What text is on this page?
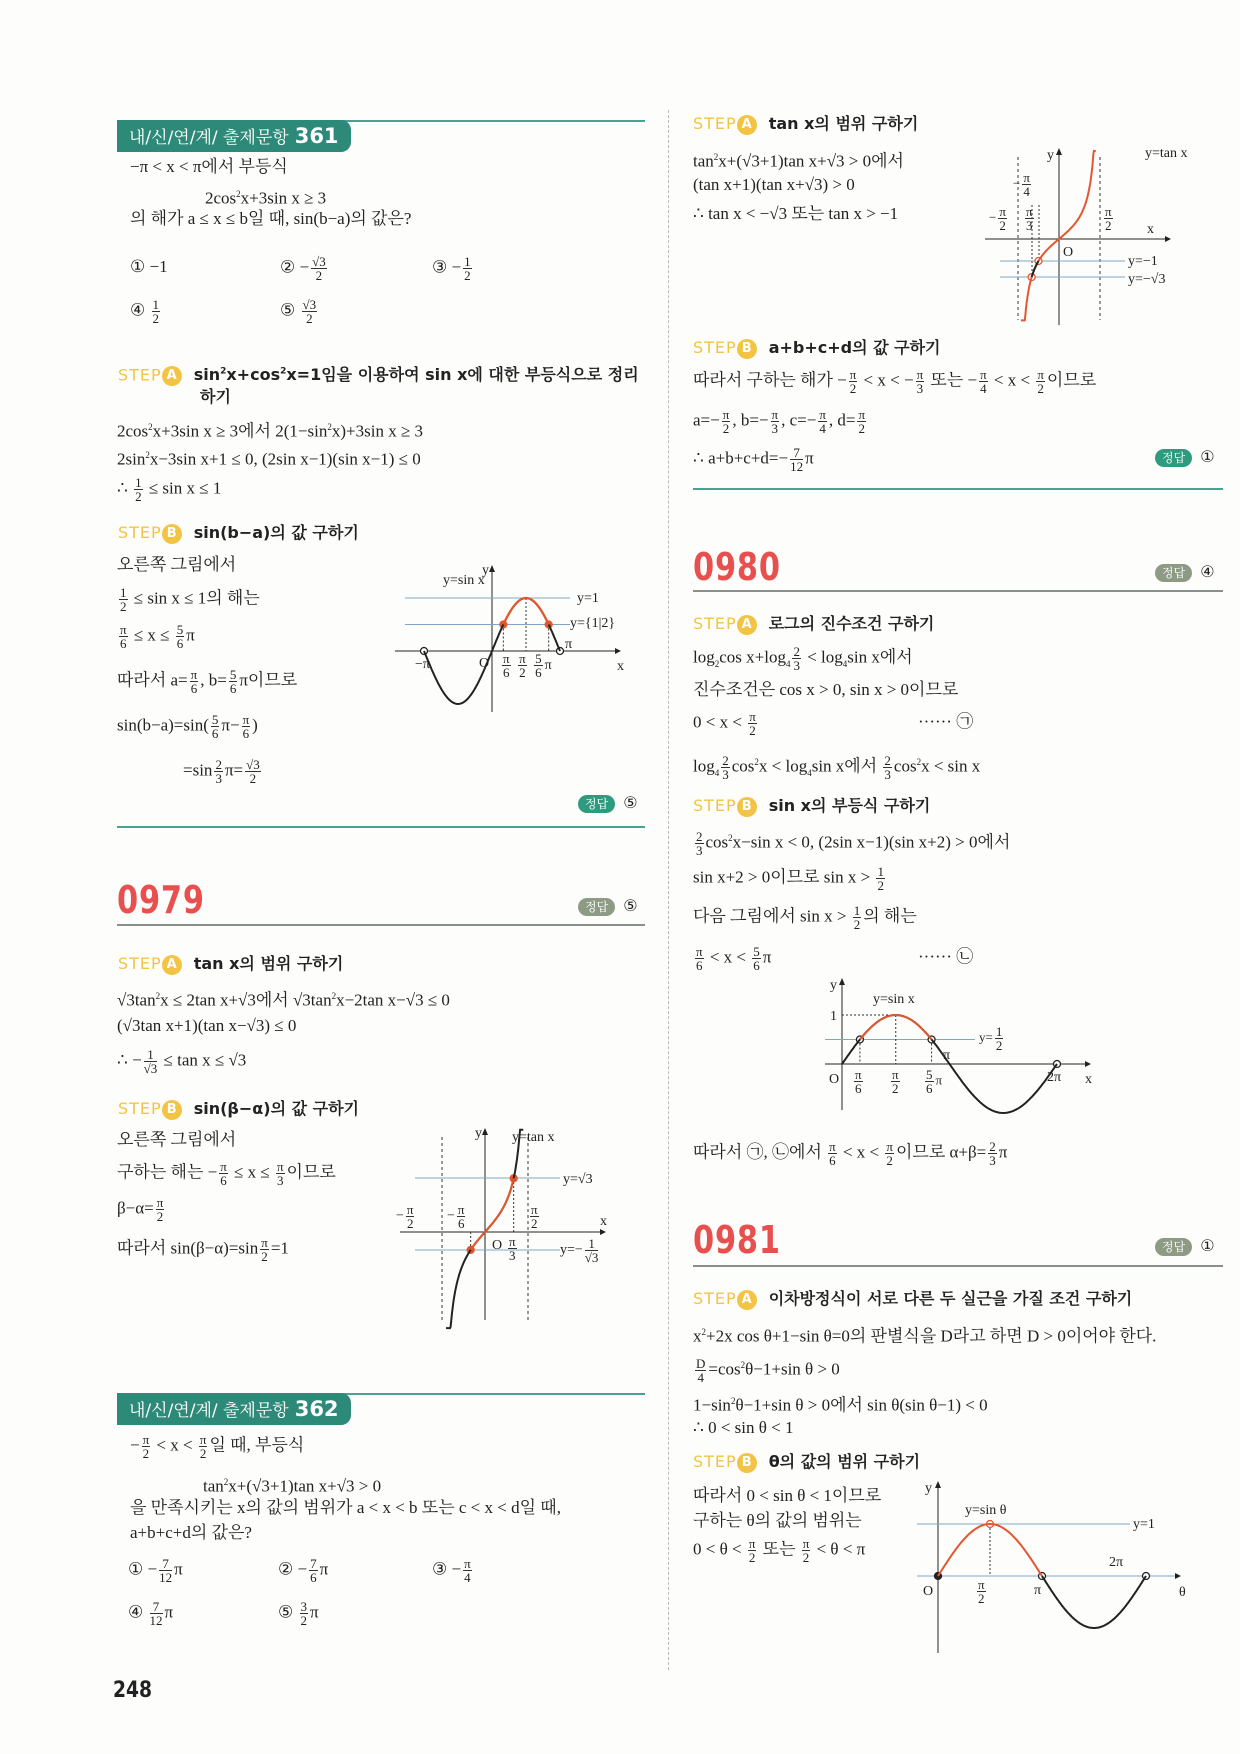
내/신/연/계/ 출제문항 361
−π < x < π에서 부등식
$2\cos^2x+3\sin$ x ≥ 3
의 해가 a ≤ x ≤ b일 때, sin(b−a)의 값은?
① −1	② − $\frac{√3}{2}$	③ − $\frac{1}{2}$
④ $\frac{1}{2}$	⑤ $\frac{√3}{2}$
STEP A $\sin^2x+\cos^2x=1$임을 이용하여 sin x에 대한 부등식으로 정리
하기
$2\cos^2x+3\sin$ x ≥ 3에서 $2(1-\sin^2x)+3\sin$ x ≥ 3
$2\sin^2x-3\sin$ x+1 ≤ 0, (2sin x−1)(sin x−1) ≤ 0
∴ $\frac{1}{2} \le \sin x \le 1$
STEP B sin(b−a)의 값 구하기
오른쪽 그림에서
$\frac{1}{2} \le \sin x \le 1$의 해는
$\frac{\pi}{6} \le x \le \frac{5}{6}$ π
따라서 $a= \frac{\pi}{6}$ , $b= \frac{5}{6}$ π이므로
$\sin(b-a)=\sin( \frac{5}{6} \pi- \frac{\pi}{6}$ )
$=\sin \frac{2}{3} \pi= \frac{√3}{2}$
$\frac{\pi}{6}$
$\frac{\pi}{2}$
$\frac{5}{6}$ π
y
x
O
y=sin x
y=1
y={1|2}
−π
π
정답 ⑤
0979	정답 ⑤
STEP A tan x의 범위 구하기
$√3\tan^2x \le 2\tan$ x+√3에서 $√3\tan^2x-2\tan$ x−√3 ≤ 0
(√3tan x+1)(tan x−√3) ≤ 0
∴ − $\frac{1}{√3} \le \tan x \le √3$
STEP B sin(β−α)의 값 구하기
오른쪽 그림에서
구하는 해는 − $\frac{\pi}{6} \le x \le \frac{\pi}{3}$ 이므로
$\beta-\alpha= \frac{\pi}{2}$
따라서 $\sin(\beta-\alpha)=\sin \frac{\pi}{2} =1$
− $\frac{\pi}{2} - \frac{\pi}{6}$	$\frac{\pi}{2}$
$\frac{\pi}{3}$	$y=- \frac{1}{√3}$
y
x
O
y=tan x
y=√3
내/신/연/계/ 출제문항 362
− $\frac{\pi}{2} < x < \frac{\pi}{2}$ 일 때, 부등식
$\tan^2x+(√3+1)\tan$ x+√3 > 0
을 만족시키는 x의 값의 범위가 a < x < b 또는 c < x < d일 때,
a+b+c+d의 값은?
① − $\frac{7}{12}$ π	② − $\frac{7}{6}$ π	③ − $\frac{\pi}{4}$
④ $\frac{7}{12}$ π	⑤ $\frac{3}{2}$ π
248
STEP A tan x의 범위 구하기
$\tan^2x+(√3+1)\tan$ x+√3 > 0에서
(tan x+1)(tan x+√3) > 0
∴ tan x < −√3 또는 tan x > −1	− $\frac{\pi}{2} \frac{\pi}{3}$
− $\frac{\pi}{4}$
$\frac{\pi}{2}$
y
x
O
y=tan x
y=−1
y=−√3
STEP B a+b+c+d의 값 구하기
따라서 구하는 해가 − $\frac{\pi}{2} < x$ < − $\frac{\pi}{3}$ 또는 − $\frac{\pi}{4} < x < \frac{\pi}{2}$ 이므로
$a=- \frac{\pi}{2}$ , $b=- \frac{\pi}{3}$ , $c=- \frac{\pi}{4}$ , $d= \frac{\pi}{2}$
∴ $a+b+c+d=- \frac{7}{12}$ π	정답 ①
0980	정답 ④
STEP A 로그의 진수조건 구하기
$\log_2\cos$ $x+\log_4 \frac{2}{3} < \log_4\sin$ x에서
진수조건은 cos x > 0, sin x > 0이므로
$0 < x < \frac{\pi}{2}$	······ ㉠
$\log_4 \frac{2}{3} \cos^2x < \log_4\sin$ x에서 $\frac{2}{3} \cos^2x < \sin x$
STEP B sin x의 부등식 구하기
$\frac{2}{3} \cos^2x-\sin$ x < 0, (2sin x−1)(sin x+2) > 0에서
sin x+2 > 0이므로 $\sin x > \frac{1}{2}$
다음 그림에서 $\sin x > \frac{1}{2}$ 의 해는
$\frac{\pi}{6} < x < \frac{5}{6}$ π	······ ㉡
$y= \frac{1}{2}$
$\frac{\pi}{6} \frac{\pi}{2} \frac{5}{6}$ π
y
x
O
1
y=sin x
π
2π
따라서 ㉠, ㉡에서 $\frac{\pi}{6} < x < \frac{\pi}{2}$ 이므로 $\alpha+\beta= \frac{2}{3}$ π
0981	정답 ①
STEP A 이차방정식이 서로 다른 두 실근을 가질 조건 구하기
$x^2+2x$ cos θ+1−sin θ=0의 판별식을 D라고 하면 D > 0이어야 한다.
$\frac{D}{4} =\cos^2\theta-1+\sin$ θ > 0
$1-\sin^2\theta-1+\sin$ θ > 0에서 sin θ(sin θ−1) < 0
∴ 0 < sin θ < 1
STEP B θ의 값의 범위 구하기
따라서 0 < sin θ < 1이므로
구하는 θ의 값의 범위는
$0 < \theta < \frac{\pi}{2}$ 또는 $\frac{\pi}{2} < \theta < \pi$
$\frac{\pi}{2}$
y
θ
O
y=sin θ
y=1
π
2π
